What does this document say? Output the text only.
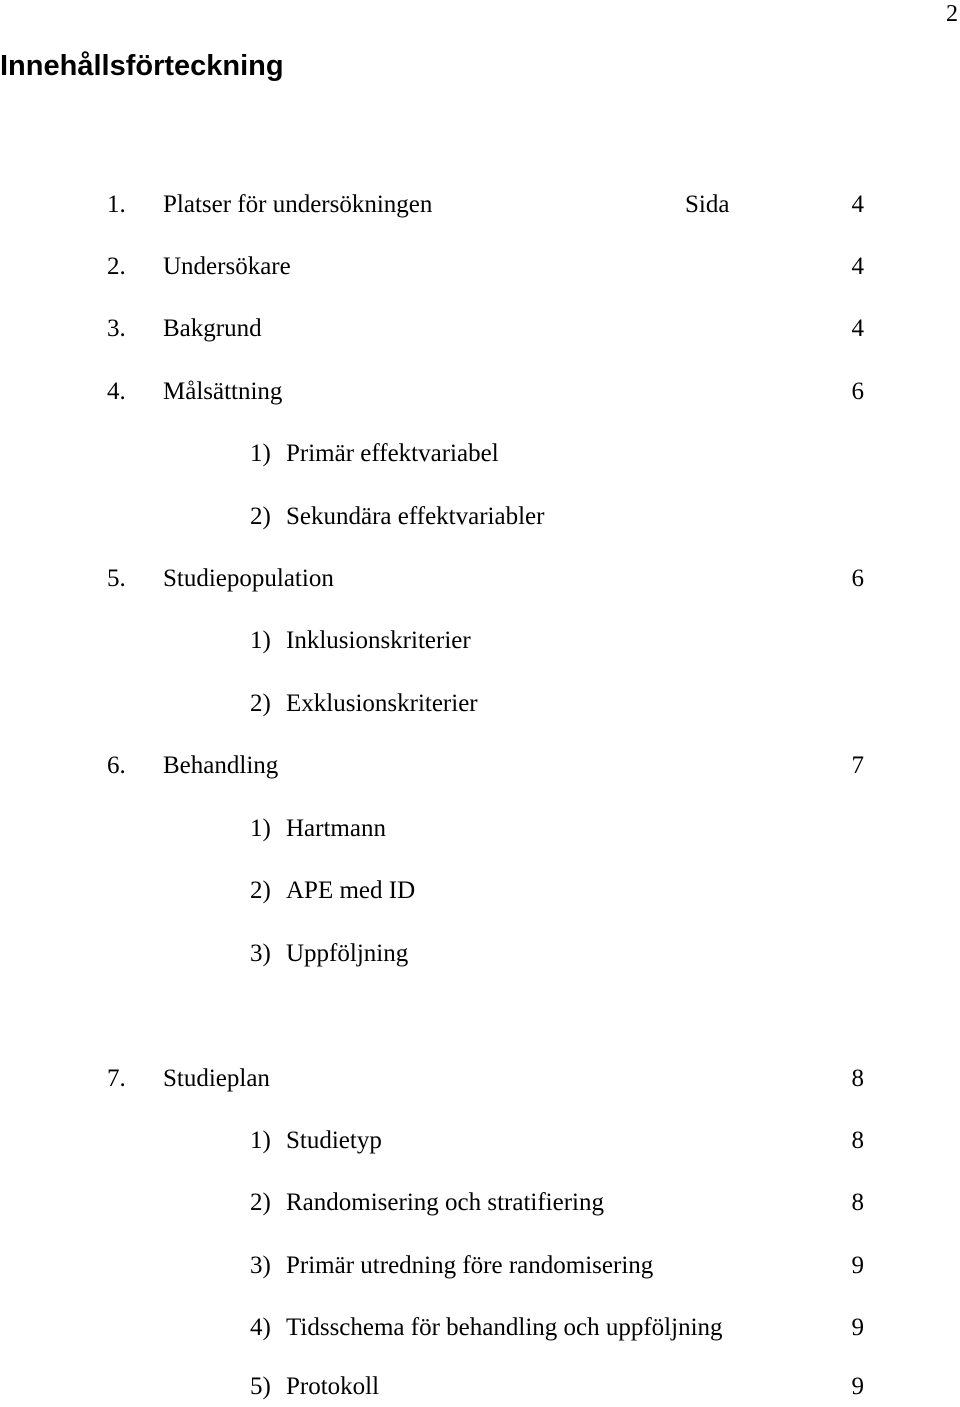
2
Innehållsförteckning
1. Platser för undersökningen	Sida	4
2. Undersökare	4
3. Bakgrund	4
4. Målsättning	6
1) Primär effektvariabel
2) Sekundära effektvariabler
5. Studiepopulation	6
1) Inklusionskriterier
2) Exklusionskriterier
6. Behandling	7
1) Hartmann
2) APE med ID
3) Uppföljning
7. Studieplan	8
1) Studietyp	8
2) Randomisering och stratifiering	8
3) Primär utredning före randomisering	9
4) Tidsschema för behandling och uppföljning	9
5) Protokoll	9
